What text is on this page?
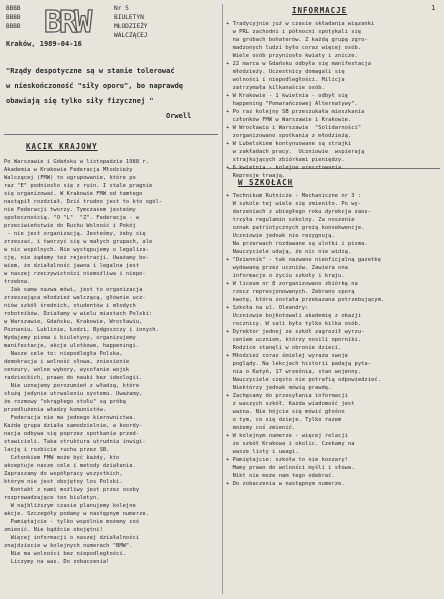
BBBB
BBBB
BBBB BRW	Nr 5
BIULETYN
MŁODZIEŻY
WALCZĄCEJ
Kraków, 1989-04-16
"Rządy despotyczne są w stanie tolerować
w nieskończoność "siły oporu", bo naprawdę
obawiają się tylko siły fizycznej "
Orwell
KĄCIK KRAJOWY
Po Warszawie i Gdańsku w listopadzie 1988 r.
Akademia w Krakowie Federacja Młodzieży
Walczącej (FMW) to ugrupowanie, które po
raz "E" podniosło się z ruin. I stale pragnie
się organizować. W Krakowie FMW od tamtego
nastąpił rozdział. Dziś trudno jest to kto ogól-
nie Federacji tworzy. Tymczasem jesteśmy
społecznością. "O "L"  "Z". Federacja - w
przeciwieństwie do Ruchu Wolność i Pokój
- nie jest organizacją. Jesteśmy, żeby się
zrzeszać, i tworzyć się w małych grupach, ale
w nic wspólnych. Nie występujemy o legaliza-
cję, nie żądamy też rejestracji. Uważamy bo-
wiem, że działalność jawna i legalna jest
w naszej rzeczywistości niemożliwa i niepo-
trzebna.
Jak sama nazwa mówi, jest to organizacja
zrzeszająca młodzież walczącą, głównie ucz-
niów szkół średnich, studentów i młodych
robotników. Działamy w wielu miastach Polski:
w Warszawie, Gdańsku, Krakowie, Wrocławiu,
Poznaniu, Lublinie, Łodzi, Bydgoszczy i innych.
Wydajemy pisma i biuletyny, organizujemy
manifestacje, akcje ulotkowe, happeningi.
Nasze cele to: niepodległa Polska,
demokracja i wolność słowa, zniesienie
cenzury, wolne wybory, wycofanie wojsk
radzieckich, prawo do nauki bez ideologii.
Nie uznajemy porozumień z władzą, które
służą jedynie utrwaleniu systemu. Uważamy,
że rozmowy "okrągłego stołu" są próbą
przedłużenia władzy komunistów.
Federacja nie ma jednego kierownictwa.
Każda grupa działa samodzielnie, a koordy-
nacja odbywa się poprzez spotkania przed-
stawicieli. Taka struktura utrudnia inwigi-
lację i rozbicie ruchu przez SB.
Członkiem FMW może być każdy, kto
akceptuje nasze cele i metody działania.
Zapraszamy do współpracy wszystkich,
którym nie jest obojętny los Polski.
Kontakt z nami możliwy jest przez osoby
rozprowadzające ten biuletyn.
W najbliższym czasie planujemy kolejne
akcje. Szczegóły podamy w następnym numerze.
Pamiętajcie - tylko wspólnie możemy coś
zmienić. Nie bądźcie obojętni!
Więcej informacji o naszej działalności
znajdziecie w kolejnych numerach "BMW".
Nie ma wolności bez niepodległości.
Liczymy na was. Do zobaczenia!
INFORMACJE
+ Tradycyjnie już w czasie składania wiązanki
w PRL zachodni i północni spotykali się
na grobach bohaterów. Z każdą grupą zgro-
madzonych ludzi było coraz więcej osób.
Wiele osób przyniosło kwiaty i znicze.
+ 22 marca w Gdańsku odbyła się manifestacja
młodzieży. Uczestnicy domagali się
wolności i niepodległości. Milicja
zatrzymała kilkanaście osób.
+ W Krakowie - 1 kwietnia - odbył się
happening "Pomarańczowej Alternatywy".
+ Po raz kolejny SB przeszukała mieszkania
członków FMW w Warszawie i Krakowie.
+ W Wrocławiu i Warszawie  "Solidarności"
zorganizowano spotkania z młodzieżą.
+ W Lubelskiem kontynuowane są strajki
w zakładach pracy.  Uczniowie  wspierają
strajkujących zbiórkami pieniędzy.
+ 6 kwietnia - kolejne aresztowania.
Represje trwają.
W SZKOŁACH
+ Technikum Rutnicze - Mechaniczne nr 3 :
W szkole tej wiele się zmieniło. Po wy-
darzeniach z ubiegłego roku dyrekcja zaos-
trzyła regulamin szkolny. Za noszenie
oznak patriotycznych grożą konsekwencje.
Uczniowie jednak nie rezygnują.
Na przerwach rozdawane są ulotki i pisma.
Nauczyciele udają, że nic nie widzą.
+ "Dziennik" - tak nazwano nieoficjalną gazetkę
wydawaną przez uczniów. Zawiera ona
informacje o życiu szkoły i kraju.
+ W liceum nr 8 zorganizowano zbiórkę na
rzecz represjonowanych. Zebrano sporą
kwotę, która została przekazana potrzebującym.
+ Szkoła na ul. Oleandry:
Uczniowie bojkotowali akademię z okazji
rocznicy. W sali było tylko kilka osób.
+ Dyrektor jednej ze szkół zagroził wyrzu-
ceniem uczniom, którzy nosili oporniki.
Rodzice stanęli w obronie dzieci.
+ Młodzież coraz śmielej wyraża swoje
poglądy. Na lekcjach historii padają pyta-
nia o Katyń, 17 września, stan wojenny.
Nauczyciele często nie potrafią odpowiedzieć.
Niektórzy jednak mówią prawdę.
+ Zachęcamy do przesyłania informacji
z waszych szkół. Każda wiadomość jest
ważna. Nie bójcie się mówić głośno
o tym, co się dzieje. Tylko razem
możemy coś zmienić.
+ W kolejnym numerze - więcej relacji
ze szkół Krakowa i okolic. Czekamy na
wasze listy i uwagi.
+ Pamiętajcie: szkoła to nie koszary!
Mamy prawo do wolności myśli i słowa.
Nikt nie może nam tego odebrać.
+ Do zobaczenia w następnym numerze.
1
